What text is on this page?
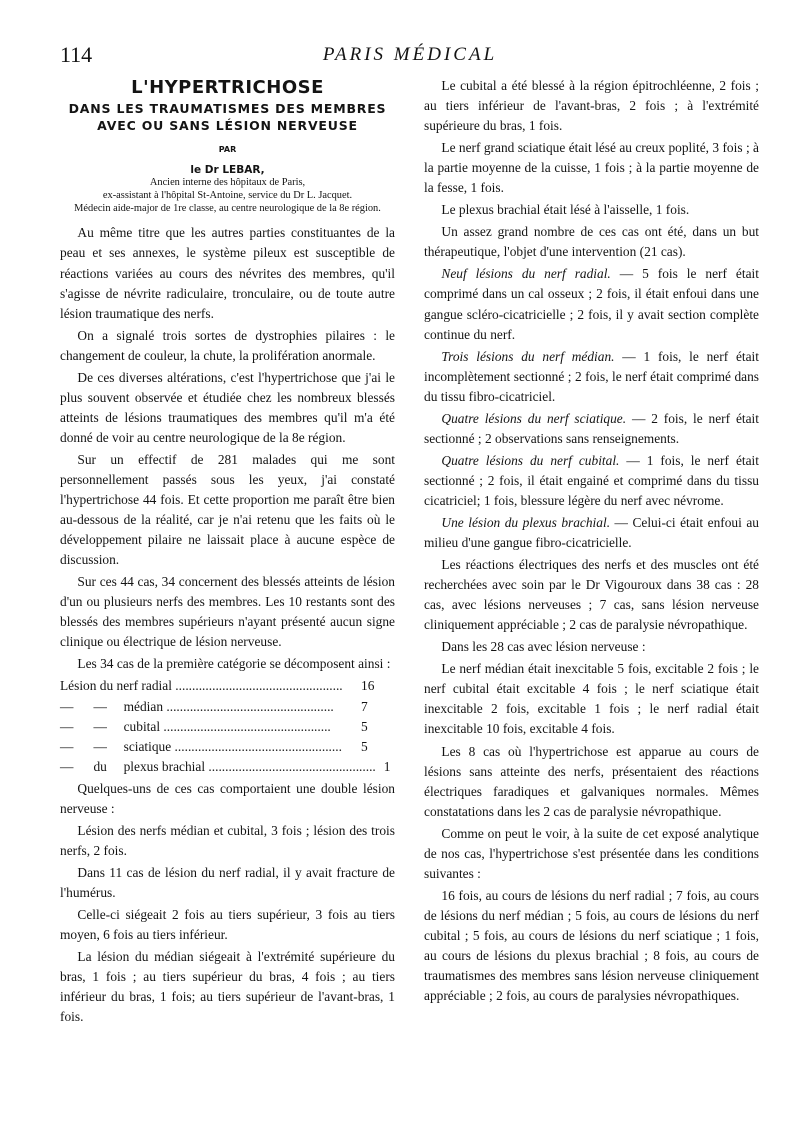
114	PARIS MÉDICAL
L'HYPERTRICHOSE
DANS LES TRAUMATISMES DES MEMBRES AVEC OU SANS LÉSION NERVEUSE
PAR
le Dr LEBAR,
Ancien interne des hôpitaux de Paris,
ex-assistant à l'hôpital St-Antoine, service du Dr L. Jacquet.
Médecin aide-major de 1re classe, au centre neurologique de la 8e région.

Au même titre que les autres parties constituantes de la peau et ses annexes, le système pileux est susceptible de réactions variées au cours des névrites des membres, qu'il s'agisse de névrite radiculaire, tronculaire, ou de toute autre lésion traumatique des nerfs.

On a signalé trois sortes de dystrophies pilaires : le changement de couleur, la chute, la prolifération anormale.

De ces diverses altérations, c'est l'hypertrichose que j'ai le plus souvent observée et étudiée chez les nombreux blessés atteints de lésions traumatiques des membres qu'il m'a été donné de voir au centre neurologique de la 8e région.

Sur un effectif de 281 malades qui me sont personnellement passés sous les yeux, j'ai constaté l'hypertrichose 44 fois. Et cette proportion me paraît être bien au-dessous de la réalité, car je n'ai retenu que les faits où le développement pilaire ne laissait place à aucune espèce de discussion.

Sur ces 44 cas, 34 concernent des blessés atteints de lésion d'un ou plusieurs nerfs des membres. Les 10 restants sont des blessés des membres supérieurs n'ayant présenté aucun signe clinique ou électrique de lésion nerveuse.

Les 34 cas de la première catégorie se décomposent ainsi :

Lésion du nerf radial ..................................................	16
—      —     médian ..................................................	7
—      —     cubital ..................................................	5
—      —     sciatique ..................................................	5
—      du     plexus brachial .................................................. 1

Quelques-uns de ces cas comportaient une double lésion nerveuse :

Lésion des nerfs médian et cubital, 3 fois ; lésion des trois nerfs, 2 fois.

Dans 11 cas de lésion du nerf radial, il y avait fracture de l'humérus.

Celle-ci siégeait 2 fois au tiers supérieur, 3 fois au tiers moyen, 6 fois au tiers inférieur.

La lésion du médian siégeait à l'extrémité supérieure du bras, 1 fois ; au tiers supérieur du bras, 4 fois ; au tiers inférieur du bras, 1 fois; au tiers supérieur de l'avant-bras, 1 fois.

Le cubital a été blessé à la région épitrochléenne, 2 fois ; au tiers inférieur de l'avant-bras, 2 fois ; à l'extrémité supérieure du bras, 1 fois.

Le nerf grand sciatique était lésé au creux poplité, 3 fois ; à la partie moyenne de la cuisse, 1 fois ; à la partie moyenne de la fesse, 1 fois.

Le plexus brachial était lésé à l'aisselle, 1 fois.

Un assez grand nombre de ces cas ont été, dans un but thérapeutique, l'objet d'une intervention (21 cas).

Neuf lésions du nerf radial. — 5 fois le nerf était comprimé dans un cal osseux ; 2 fois, il était enfoui dans une gangue scléro-cicatricielle ; 2 fois, il y avait section complète continue du nerf.

Trois lésions du nerf médian. — 1 fois, le nerf était incomplètement sectionné ; 2 fois, le nerf était comprimé dans du tissu fibro-cicatriciel.

Quatre lésions du nerf sciatique. — 2 fois, le nerf était sectionné ; 2 observations sans renseignements.

Quatre lésions du nerf cubital. — 1 fois, le nerf était sectionné ; 2 fois, il était engainé et comprimé dans du tissu cicatriciel; 1 fois, blessure légère du nerf avec névrome.

Une lésion du plexus brachial. — Celui-ci était enfoui au milieu d'une gangue fibro-cicatricielle.

Les réactions électriques des nerfs et des muscles ont été recherchées avec soin par le Dr Vigouroux dans 38 cas : 28 cas, avec lésions nerveuses ; 7 cas, sans lésion nerveuse cliniquement appréciable ; 2 cas de paralysie névropathique.

Dans les 28 cas avec lésion nerveuse :

Le nerf médian était inexcitable 5 fois, excitable 2 fois ; le nerf cubital était excitable 4 fois ; le nerf sciatique était inexcitable 2 fois, excitable 1 fois ; le nerf radial était inexcitable 10 fois, excitable 4 fois.

Les 8 cas où l'hypertrichose est apparue au cours de lésions sans atteinte des nerfs, présentaient des réactions électriques faradiques et galvaniques normales. Mêmes constatations dans les 2 cas de paralysie névropathique.

Comme on peut le voir, à la suite de cet exposé analytique de nos cas, l'hypertrichose s'est présentée dans les conditions suivantes :

16 fois, au cours de lésions du nerf radial ; 7 fois, au cours de lésions du nerf médian ; 5 fois, au cours de lésions du nerf cubital ; 5 fois, au cours de lésions du nerf sciatique ; 1 fois, au cours de lésions du plexus brachial ; 8 fois, au cours de traumatismes des membres sans lésion nerveuse cliniquement appréciable ; 2 fois, au cours de paralysies névropathiques.
